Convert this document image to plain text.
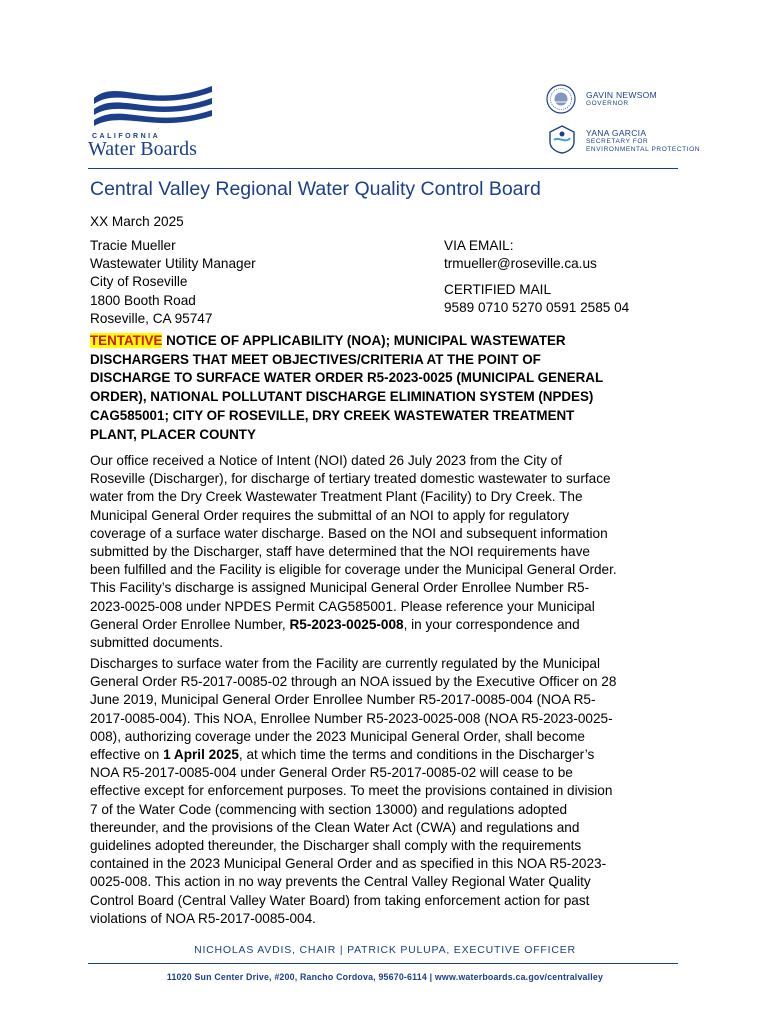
CALIFORNIA
Water Boards
GAVIN NEWSOM
GOVERNOR
YANA GARCIA
SECRETARY FOR
ENVIRONMENTAL PROTECTION
Central Valley Regional Water Quality Control Board
XX March 2025
Tracie Mueller
Wastewater Utility Manager
City of Roseville
1800 Booth Road
Roseville, CA 95747
VIA EMAIL:
trmueller@roseville.ca.us
CERTIFIED MAIL
9589 0710 5270 0591 2585 04
TENTATIVE NOTICE OF APPLICABILITY (NOA); MUNICIPAL WASTEWATER
DISCHARGERS THAT MEET OBJECTIVES/CRITERIA AT THE POINT OF
DISCHARGE TO SURFACE WATER ORDER R5-2023-0025 (MUNICIPAL GENERAL
ORDER), NATIONAL POLLUTANT DISCHARGE ELIMINATION SYSTEM (NPDES)
CAG585001; CITY OF ROSEVILLE, DRY CREEK WASTEWATER TREATMENT
PLANT, PLACER COUNTY
Our office received a Notice of Intent (NOI) dated 26 July 2023 from the City of
Roseville (Discharger), for discharge of tertiary treated domestic wastewater to surface
water from the Dry Creek Wastewater Treatment Plant (Facility) to Dry Creek. The
Municipal General Order requires the submittal of an NOI to apply for regulatory
coverage of a surface water discharge. Based on the NOI and subsequent information
submitted by the Discharger, staff have determined that the NOI requirements have
been fulfilled and the Facility is eligible for coverage under the Municipal General Order.
This Facility’s discharge is assigned Municipal General Order Enrollee Number R5-
2023-0025-008 under NPDES Permit CAG585001. Please reference your Municipal
General Order Enrollee Number, R5-2023-0025-008, in your correspondence and
submitted documents.
Discharges to surface water from the Facility are currently regulated by the Municipal
General Order R5-2017-0085-02 through an NOA issued by the Executive Officer on 28
June 2019, Municipal General Order Enrollee Number R5-2017-0085-004 (NOA R5-
2017-0085-004). This NOA, Enrollee Number R5-2023-0025-008 (NOA R5-2023-0025-
008), authorizing coverage under the 2023 Municipal General Order, shall become
effective on 1 April 2025, at which time the terms and conditions in the Discharger’s
NOA R5-2017-0085-004 under General Order R5-2017-0085-02 will cease to be
effective except for enforcement purposes. To meet the provisions contained in division
7 of the Water Code (commencing with section 13000) and regulations adopted
thereunder, and the provisions of the Clean Water Act (CWA) and regulations and
guidelines adopted thereunder, the Discharger shall comply with the requirements
contained in the 2023 Municipal General Order and as specified in this NOA R5-2023-
0025-008. This action in no way prevents the Central Valley Regional Water Quality
Control Board (Central Valley Water Board) from taking enforcement action for past
violations of NOA R5-2017-0085-004.
NICHOLAS AVDIS, CHAIR | PATRICK PULUPA, EXECUTIVE OFFICER
11020 Sun Center Drive, #200, Rancho Cordova, 95670-6114 | www.waterboards.ca.gov/centralvalley
